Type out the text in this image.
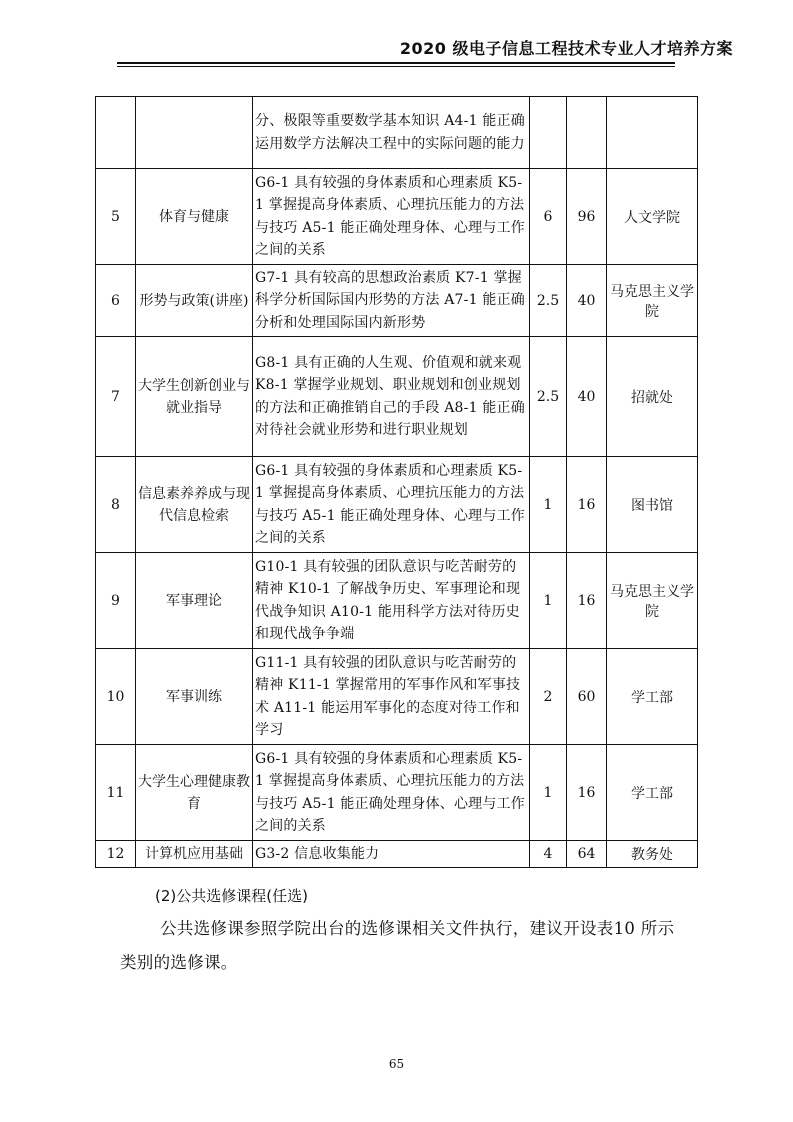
2020 级电子信息工程技术专业人才培养方案
		分、极限等重要数学基本知识 A4-1 能正确运用数学方法解决工程中的实际问题的能力			
5	体育与健康	G6-1 具有较强的身体素质和心理素质 K5-1 掌握提高身体素质、心理抗压能力的方法与技巧 A5-1 能正确处理身体、心理与工作之间的关系	6	96	人文学院
6	形势与政策(讲座)	G7-1 具有较高的思想政治素质 K7-1 掌握科学分析国际国内形势的方法 A7-1 能正确分析和处理国际国内新形势	2.5	40	马克思主义学院
7	大学生创新创业与就业指导	G8-1 具有正确的人生观、价值观和就来观 K8-1 掌握学业规划、职业规划和创业规划的方法和正确推销自己的手段 A8-1 能正确对待社会就业形势和进行职业规划	2.5	40	招就处
8	信息素养养成与现代信息检索	G6-1 具有较强的身体素质和心理素质 K5-1 掌握提高身体素质、心理抗压能力的方法与技巧 A5-1 能正确处理身体、心理与工作之间的关系	1	16	图书馆
9	军事理论	G10-1 具有较强的团队意识与吃苦耐劳的精神 K10-1 了解战争历史、军事理论和现代战争知识 A10-1 能用科学方法对待历史和现代战争争端	1	16	马克思主义学院
10	军事训练	G11-1 具有较强的团队意识与吃苦耐劳的精神 K11-1 掌握常用的军事作风和军事技术 A11-1 能运用军事化的态度对待工作和学习	2	60	学工部
11	大学生心理健康教育	G6-1 具有较强的身体素质和心理素质 K5-1 掌握提高身体素质、心理抗压能力的方法与技巧 A5-1 能正确处理身体、心理与工作之间的关系	1	16	学工部
12	计算机应用基础	G3-2 信息收集能力	4	64	教务处
(2)公共选修课程(任选)
公共选修课参照学院出台的选修课相关文件执行，建议开设表10 所示类别的选修课。
65
